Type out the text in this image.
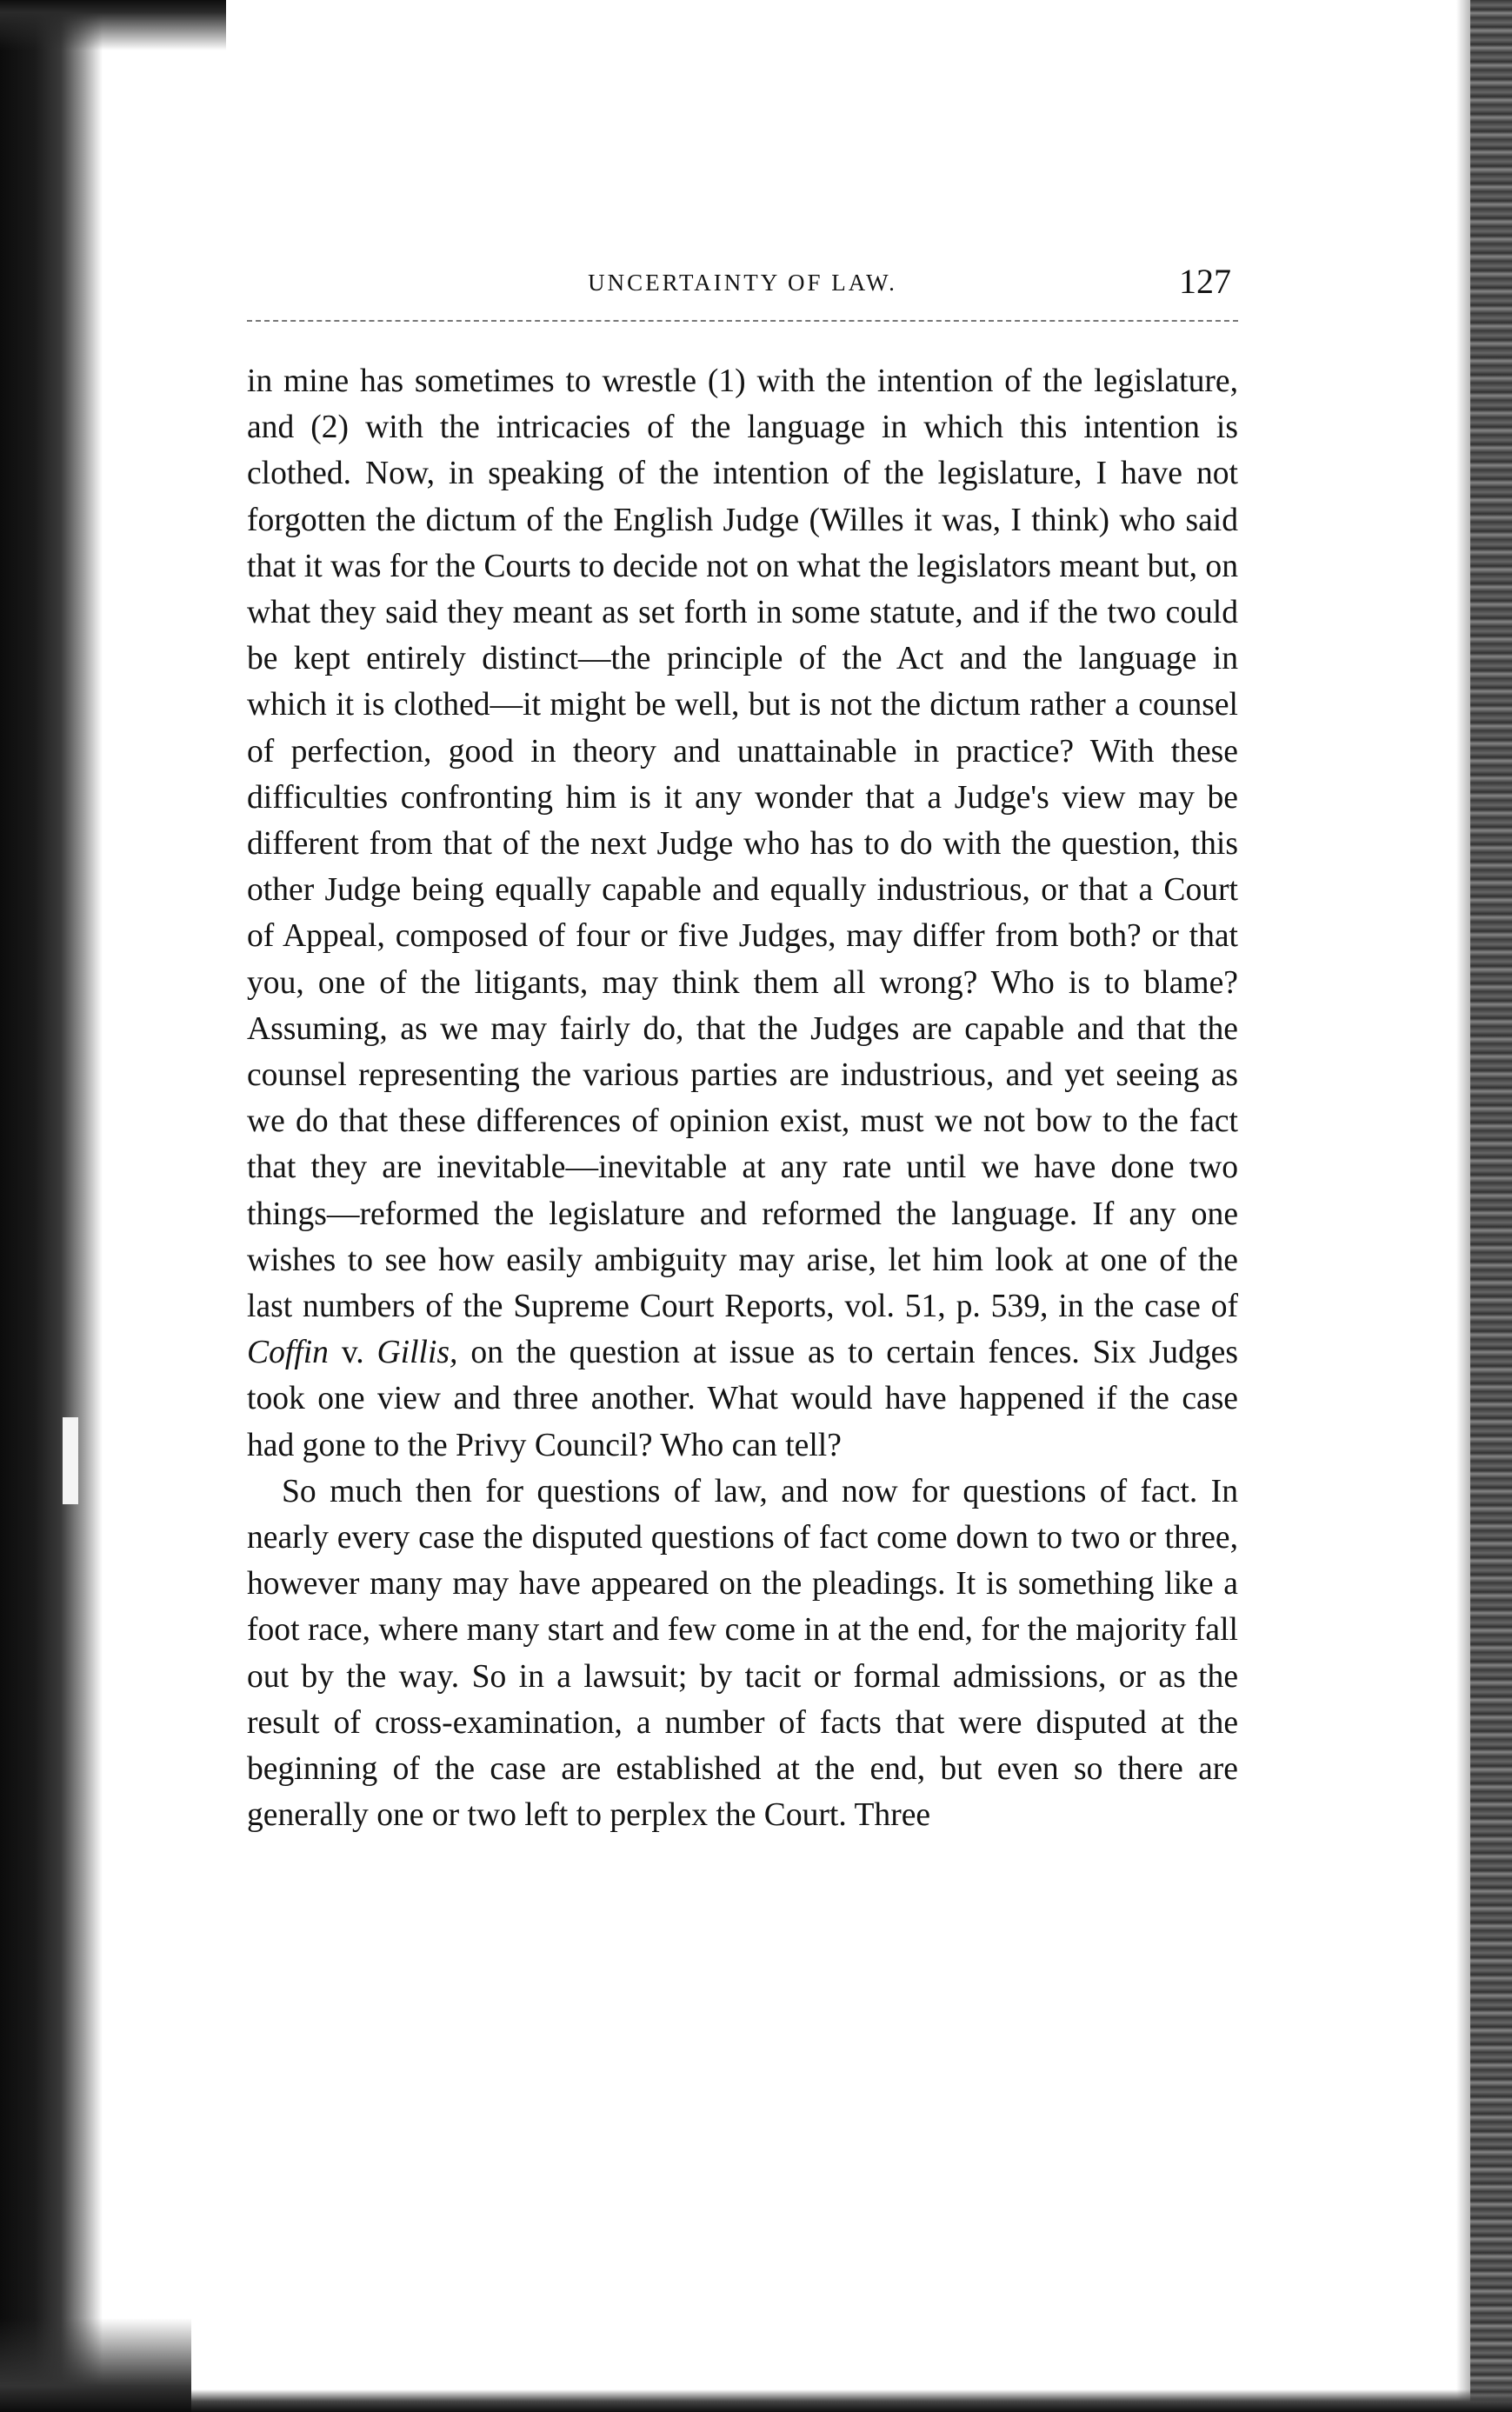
UNCERTAINTY OF LAW.	127

in mine has sometimes to wrestle (1) with the intention of the legislature, and (2) with the intricacies of the language in which this intention is clothed. Now, in speaking of the intention of the legislature, I have not forgotten the dictum of the English Judge (Willes it was, I think) who said that it was for the Courts to decide not on what the legislators meant but, on what they said they meant as set forth in some statute, and if the two could be kept entirely distinct—the principle of the Act and the language in which it is clothed—it might be well, but is not the dictum rather a counsel of perfection, good in theory and unattainable in practice? With these difficulties confronting him is it any wonder that a Judge's view may be different from that of the next Judge who has to do with the question, this other Judge being equally capable and equally industrious, or that a Court of Appeal, composed of four or five Judges, may differ from both? or that you, one of the litigants, may think them all wrong? Who is to blame? Assuming, as we may fairly do, that the Judges are capable and that the counsel representing the various parties are industrious, and yet seeing as we do that these differences of opinion exist, must we not bow to the fact that they are inevitable—inevitable at any rate until we have done two things—reformed the legislature and reformed the language. If any one wishes to see how easily ambiguity may arise, let him look at one of the last numbers of the Supreme Court Reports, vol. 51, p. 539, in the case of Coffin v. Gillis, on the question at issue as to certain fences. Six Judges took one view and three another. What would have happened if the case had gone to the Privy Council? Who can tell?

So much then for questions of law, and now for questions of fact. In nearly every case the disputed questions of fact come down to two or three, however many may have appeared on the pleadings. It is something like a foot race, where many start and few come in at the end, for the majority fall out by the way. So in a lawsuit; by tacit or formal admissions, or as the result of cross-examination, a number of facts that were disputed at the beginning of the case are established at the end, but even so there are generally one or two left to perplex the Court. Three
